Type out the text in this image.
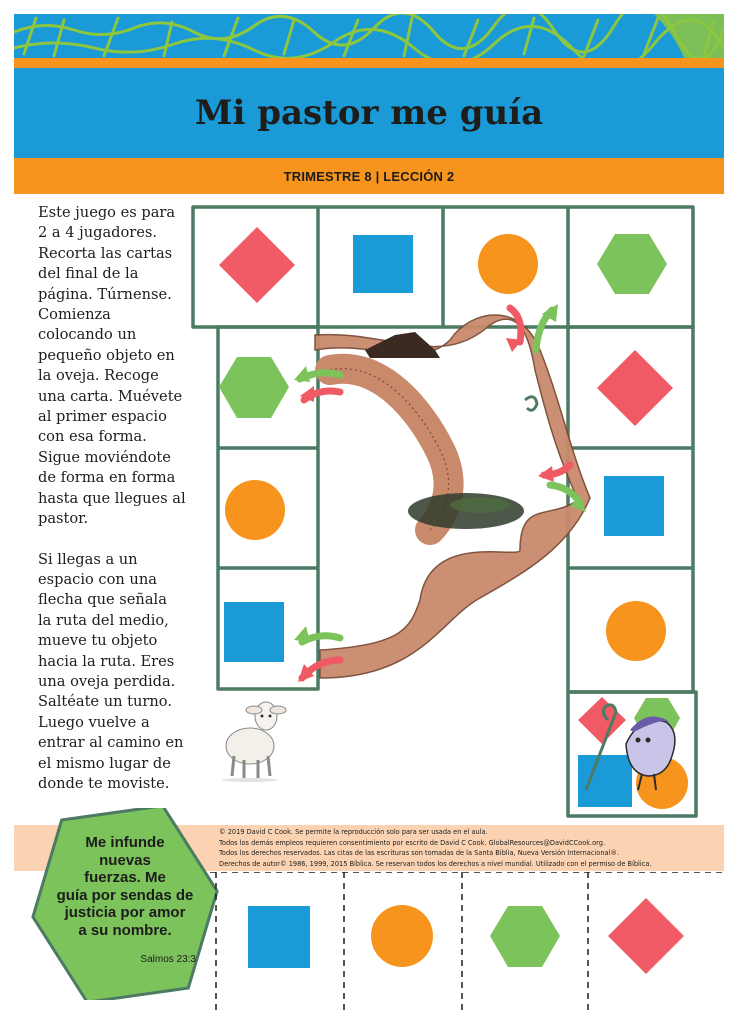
Mi pastor me guía
TRIMESTRE 8 | LECCIÓN 2

Este juego es para
2 a 4 jugadores.
Recorta las cartas
del final de la
página. Túrnense.
Comienza
colocando un
pequeño objeto en
la oveja. Recoge
una carta. Muévete
al primer espacio
con esa forma.
Sigue moviéndote
de forma en forma
hasta que llegues al
pastor.

Si llegas a un
espacio con una
flecha que señala
la ruta del medio,
mueve tu objeto
hacia la ruta. Eres
una oveja perdida.
Saltéate un turno.
Luego vuelve a
entrar al camino en
el mismo lugar de
donde te moviste.

© 2019 David C Cook. Se permite la reproducción solo para ser usada en el aula.
Todos los demás empleos requieren consentimiento por escrito de David C Cook. GlobalResources@DavidCCook.org.
Todos los derechos reservados. Las citas de las escrituras son tomadas de la Santa Biblia, Nueva Versión Internacional®.
Derechos de autor© 1986, 1999, 2015 Bíblica. Se reservan todos los derechos a nivel mundial. Utilizado con el permiso de Bíblica.
Me infunde
nuevas
fuerzas. Me
guía por sendas de
justicia por amor
a su nombre.
Salmos 23:3
